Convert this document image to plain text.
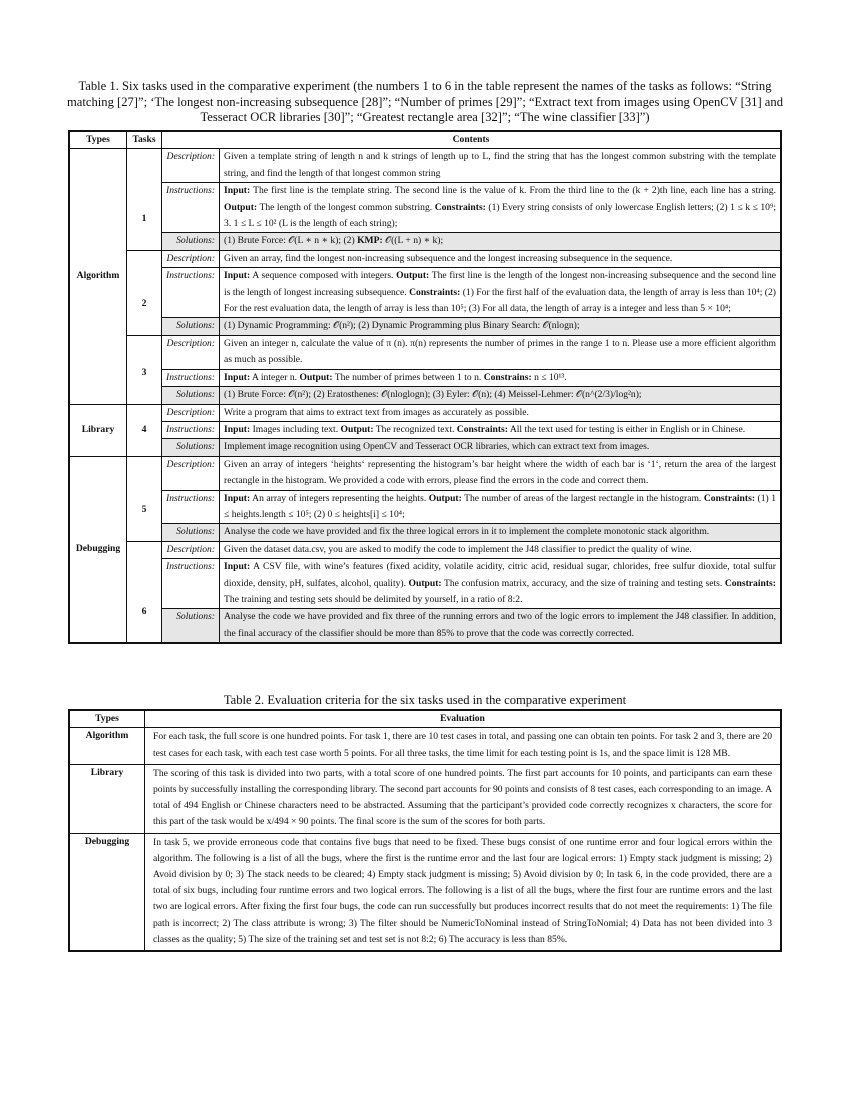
Table 1. Six tasks used in the comparative experiment (the numbers 1 to 6 in the table represent the names of the tasks as follows: “String matching [27]”; ‘The longest non-increasing subsequence [28]”; “Number of primes [29]”; “Extract text from images using OpenCV [31] and Tesseract OCR libraries [30]”; “Greatest rectangle area [32]”; “The wine classifier [33]”)
Types	Tasks	Contents	
Algorithm	1	Description:	Given a template string of length n and k strings of length up to L, find the string that has the longest common substring with the template string, and find the length of that longest common string
		Instructions:	Input: The first line is the template string. The second line is the value of k. From the third line to the (k + 2)th line, each line has a string. Output: The length of the longest common substring. Constraints: (1) Every string consists of only lowercase English letters; (2) 1 ≤ k ≤ 10⁹; 3. 1 ≤ L ≤ 10² (L is the length of each string);
		Solutions:	(1) Brute Force: 𝒪(L ∗ n ∗ k); (2) KMP: 𝒪((L + n) ∗ k);
	2	Description:	Given an array, find the longest non-increasing subsequence and the longest increasing subsequence in the sequence.
		Instructions:	Input: A sequence composed with integers. Output: The first line is the length of the longest non-increasing subsequence and the second line is the length of longest increasing subsequence. Constraints: (1) For the first half of the evaluation data, the length of array is less than 10⁴; (2) For the rest evaluation data, the length of array is less than 10⁵; (3) For all data, the length of array is a integer and less than 5 × 10⁴;
		Solutions:	(1) Dynamic Programming: 𝒪(n²); (2) Dynamic Programming plus Binary Search: 𝒪(nlogn);
	3	Description:	Given an integer n, calculate the value of π (n). π(n) represents the number of primes in the range 1 to n. Please use a more efficient algorithm as much as possible.
		Instructions:	Input: A integer n. Output: The number of primes between 1 to n. Constrains: n ≤ 10¹³.
		Solutions:	(1) Brute Force: 𝒪(n²); (2) Eratosthenes: 𝒪(nloglogn); (3) Eyler: 𝒪(n); (4) Meissel-Lehmer: 𝒪(n^(2/3)/log²n);
Library	4	Description:	Write a program that aims to extract text from images as accurately as possible.
		Instructions:	Input: Images including text. Output: The recognized text. Constraints: All the text used for testing is either in English or in Chinese.
		Solutions:	Implement image recognition using OpenCV and Tesseract OCR libraries, which can extract text from images.
Debugging	5	Description:	Given an array of integers ‘heights‘ representing the histogram’s bar height where the width of each bar is ‘1‘, return the area of the largest rectangle in the histogram. We provided a code with errors, please find the errors in the code and correct them.
		Instructions:	Input: An array of integers representing the heights. Output: The number of areas of the largest rectangle in the histogram. Constraints: (1) 1 ≤ heights.length ≤ 10⁵; (2) 0 ≤ heights[i] ≤ 10⁴;
		Solutions:	Analyse the code we have provided and fix the three logical errors in it to implement the complete monotonic stack algorithm.
	6	Description:	Given the dataset data.csv, you are asked to modify the code to implement the J48 classifier to predict the quality of wine.
		Instructions:	Input: A CSV file, with wine’s features (fixed acidity, volatile acidity, citric acid, residual sugar, chlorides, free sulfur dioxide, total sulfur dioxide, density, pH, sulfates, alcohol, quality). Output: The confusion matrix, accuracy, and the size of training and testing sets. Constraints: The training and testing sets should be delimited by yourself, in a ratio of 8:2.
		Solutions:	Analyse the code we have provided and fix three of the running errors and two of the logic errors to implement the J48 classifier. In addition, the final accuracy of the classifier should be more than 85% to prove that the code was correctly corrected.
Table 2. Evaluation criteria for the six tasks used in the comparative experiment
Types	Evaluation
Algorithm	For each task, the full score is one hundred points. For task 1, there are 10 test cases in total, and passing one can obtain ten points. For task 2 and 3, there are 20 test cases for each task, with each test case worth 5 points. For all three tasks, the time limit for each testing point is 1s, and the space limit is 128 MB.
Library	The scoring of this task is divided into two parts, with a total score of one hundred points. The first part accounts for 10 points, and participants can earn these points by successfully installing the corresponding library. The second part accounts for 90 points and consists of 8 test cases, each corresponding to an image. A total of 494 English or Chinese characters need to be abstracted. Assuming that the participant’s provided code correctly recognizes x characters, the score for this part of the task would be x/494 × 90 points. The final score is the sum of the scores for both parts.
Debugging	In task 5, we provide erroneous code that contains five bugs that need to be fixed. These bugs consist of one runtime error and four logical errors within the algorithm. The following is a list of all the bugs, where the first is the runtime error and the last four are logical errors: 1) Empty stack judgment is missing; 2) Avoid division by 0; 3) The stack needs to be cleared; 4) Empty stack judgment is missing; 5) Avoid division by 0; In task 6, in the code provided, there are a total of six bugs, including four runtime errors and two logical errors. The following is a list of all the bugs, where the first four are runtime errors and the last two are logical errors. After fixing the first four bugs, the code can run successfully but produces incorrect results that do not meet the requirements: 1) The file path is incorrect; 2) The class attribute is wrong; 3) The filter should be NumericToNominal instead of StringToNomial; 4) Data has not been divided into 3 classes as the quality; 5) The size of the training set and test set is not 8:2; 6) The accuracy is less than 85%.
